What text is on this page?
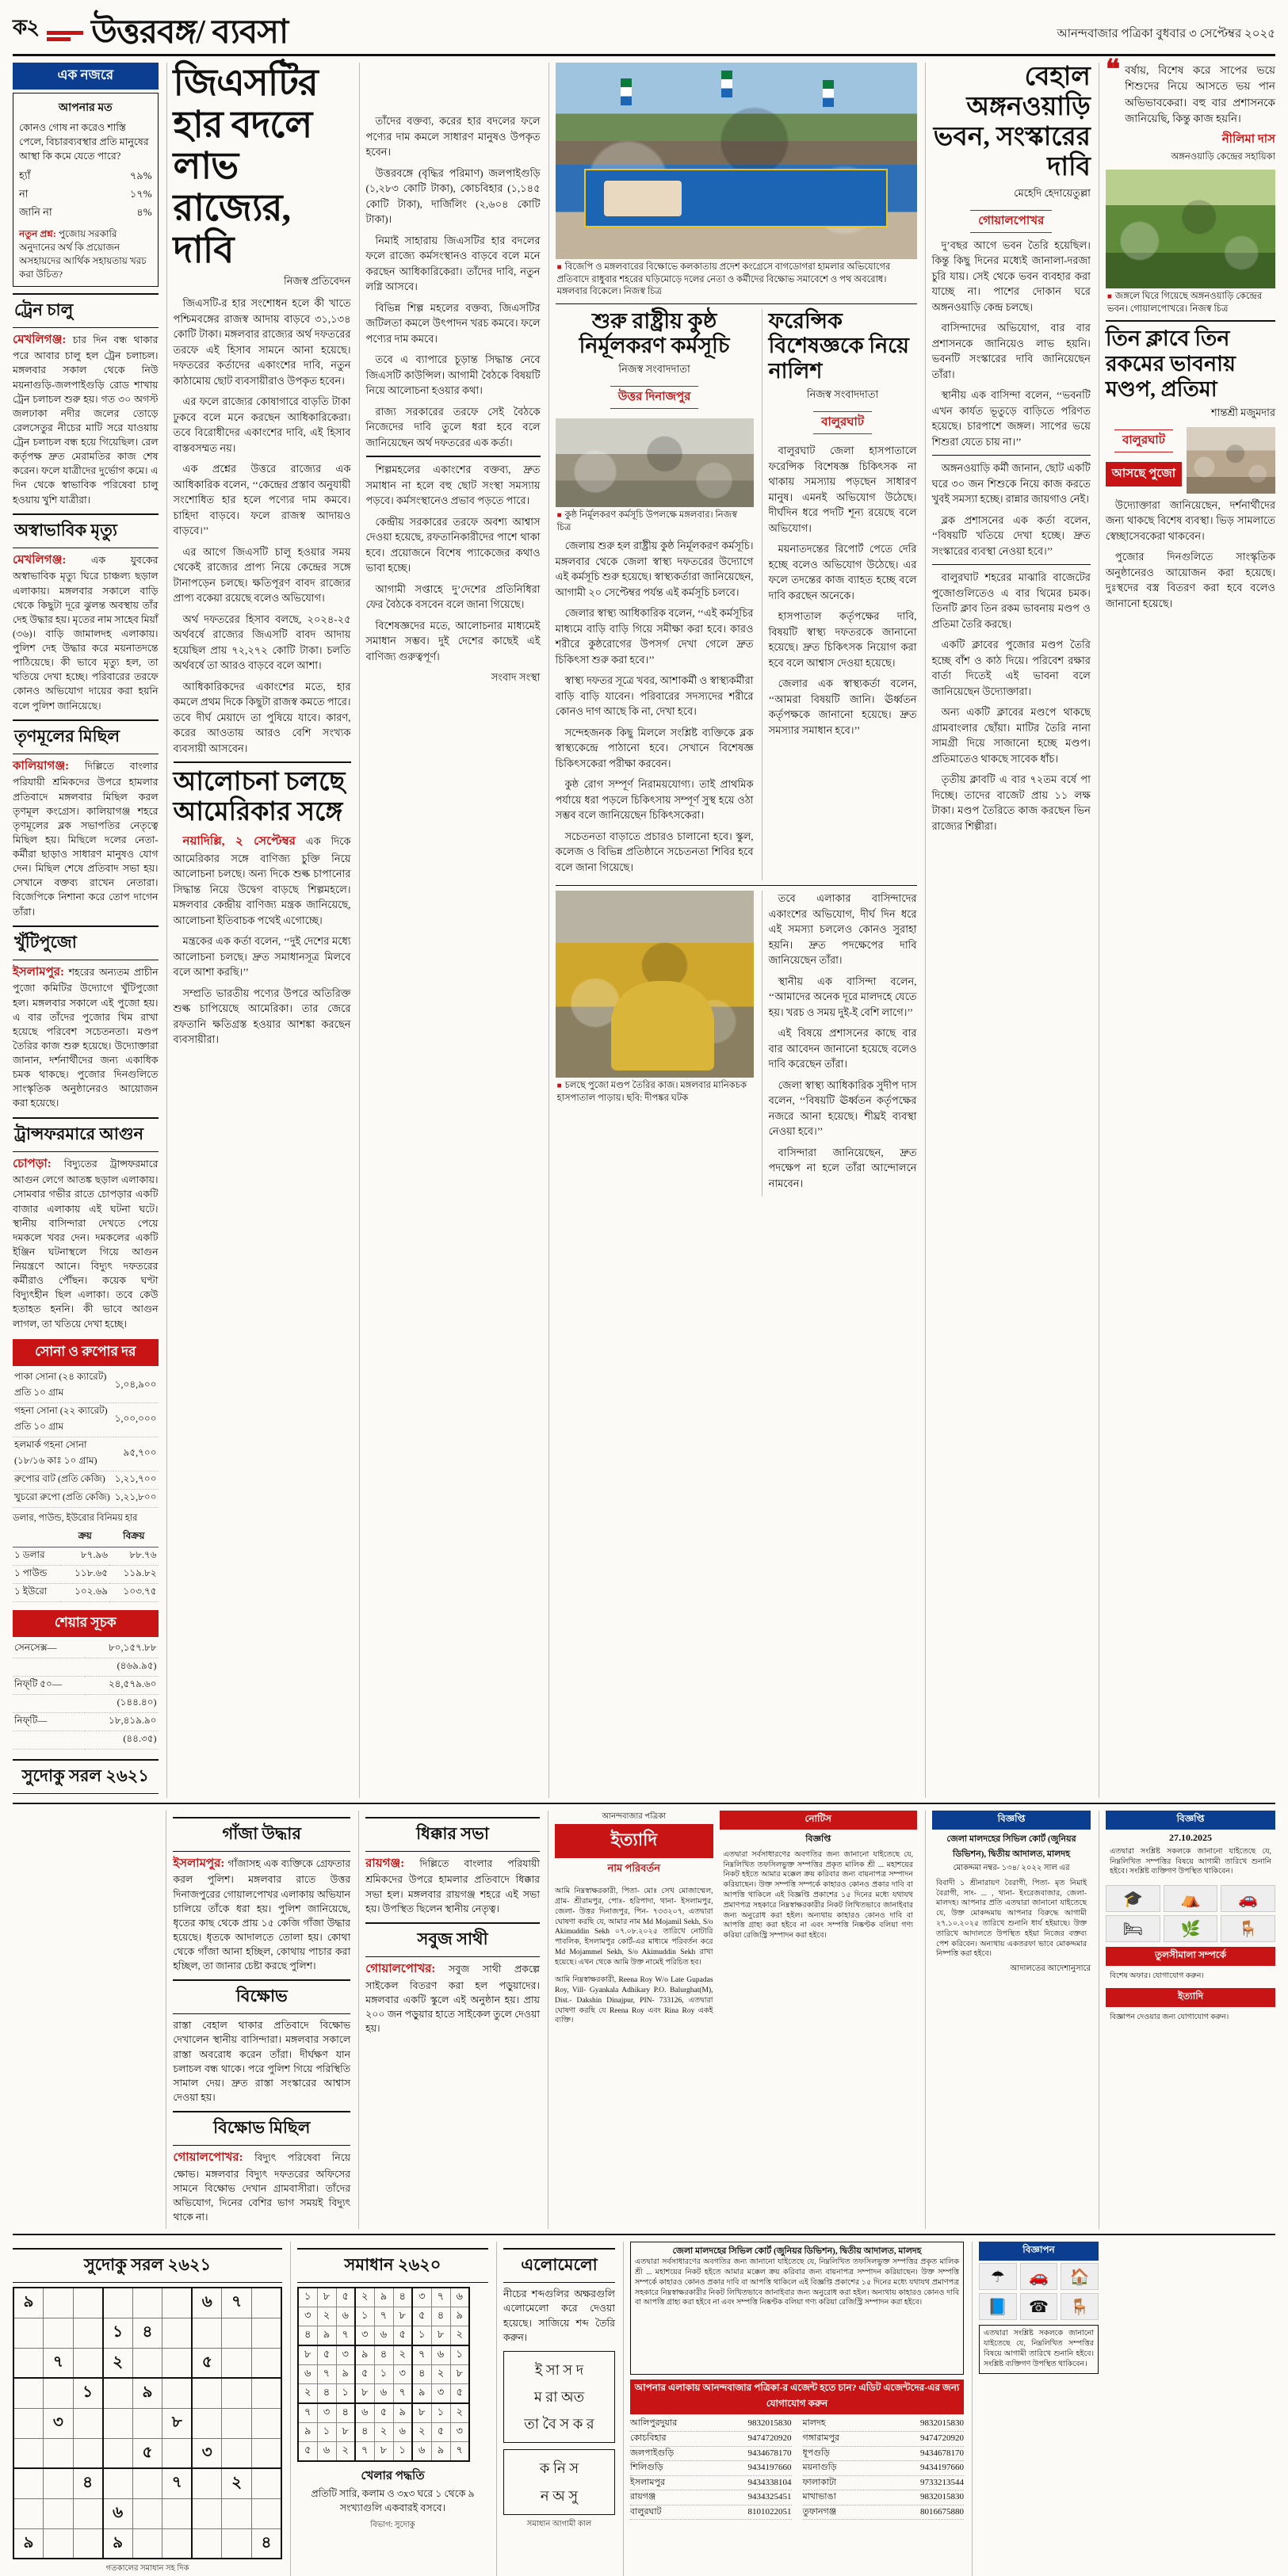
ক২ উত্তরবঙ্গ/ ব্যবসা	আনন্দবাজার পত্রিকা বুধবার ৩ সেপ্টেম্বর ২০২৫
এক নজরে
আপনার মত
কোনও গোষ না করেও শাস্তি পেলে, বিচারব্যবস্থার প্রতি মানুষের আস্থা কি কমে যেতে পারে?
হ্যাঁ	৭৯%
না	১৭%
জানি না	৪%
নতুন প্রশ্ন: পুজোয় সরকারি অনুদানের অর্থ কি প্রয়োজন অসহায়দের আর্থিক সহায়তায় খরচ করা উচিত?
ট্রেন চালু

মেখলিগঞ্জ: চার দিন বন্ধ থাকার পরে আবার চালু হল ট্রেন চলাচল। মঙ্গলবার সকাল থেকে নিউ ময়নাগুড়ি-জলপাইগুড়ি রোড শাখায় ট্রেন চলাচল শুরু হয়। গত ৩০ অগস্ট জলঢাকা নদীর জলের তোড়ে রেলসেতুর নীচের মাটি সরে যাওয়ায় ট্রেন চলাচল বন্ধ হয়ে গিয়েছিল। রেল কর্তৃপক্ষ দ্রুত মেরামতির কাজ শেষ করেন। ফলে যাত্রীদের দুর্ভোগ কমে। এ দিন থেকে স্বাভাবিক পরিষেবা চালু হওয়ায় খুশি যাত্রীরা।

অস্বাভাবিক মৃত্যু

মেখলিগঞ্জ:	এক যুবকের অস্বাভাবিক মৃত্যু ঘিরে চাঞ্চল্য ছড়াল এলাকায়। মঙ্গলবার সকালে বাড়ি থেকে কিছুটা দূরে ঝুলন্ত অবস্থায় তাঁর দেহ উদ্ধার হয়। মৃতের নাম সাহেব মিয়াঁ (৩৬)। বাড়ি জামালদহ এলাকায়। পুলিশ দেহ উদ্ধার করে ময়নাতদন্তে পাঠিয়েছে। কী ভাবে মৃত্যু হল, তা খতিয়ে দেখা হচ্ছে। পরিবারের তরফে কোনও অভিযোগ দায়ের করা হয়নি বলে পুলিশ জানিয়েছে।

তৃণমূলের মিছিল

কালিয়াগঞ্জ: দিল্লিতে বাংলার পরিযায়ী শ্রমিকদের উপরে হামলার প্রতিবাদে মঙ্গলবার মিছিল করল তৃণমূল কংগ্রেস। কালিয়াগঞ্জ শহরে তৃণমূলের ব্লক সভাপতির নেতৃত্বে মিছিল হয়। মিছিলে দলের নেতা-কর্মীরা ছাড়াও সাধারণ মানুষও যোগ দেন। মিছিল শেষে প্রতিবাদ সভা হয়। সেখানে বক্তব্য রাখেন নেতারা। বিজেপিকে নিশানা করে তোপ দাগেন তাঁরা।

খুঁটিপুজো

ইসলামপুর: শহরের অন্যতম প্রাচীন পুজো কমিটির উদ্যোগে খুঁটিপুজো হল। মঙ্গলবার সকালে এই পুজো হয়। এ বার তাঁদের পুজোর থিম রাখা হয়েছে পরিবেশ সচেতনতা। মণ্ডপ তৈরির কাজ শুরু হয়েছে। উদ্যোক্তারা জানান, দর্শনার্থীদের জন্য একাধিক চমক থাকছে। পুজোর দিনগুলিতে সাংস্কৃতিক অনুষ্ঠানেরও আয়োজন করা হয়েছে।

ট্রান্সফরমারে আগুন

চোপড়া: বিদ্যুতের ট্রান্সফরমারে আগুন লেগে আতঙ্ক ছড়াল এলাকায়। সোমবার গভীর রাতে চোপড়ার একটি বাজার এলাকায় এই ঘটনা ঘটে। স্থানীয় বাসিন্দারা দেখতে পেয়ে দমকলে খবর দেন। দমকলের একটি ইঞ্জিন ঘটনাস্থলে গিয়ে আগুন নিয়ন্ত্রণে আনে। বিদ্যুৎ দফতরের কর্মীরাও পৌঁছন। কয়েক ঘণ্টা বিদ্যুৎহীন ছিল এলাকা। তবে কেউ হতাহত হননি। কী ভাবে আগুন লাগল, তা খতিয়ে দেখা হচ্ছে।

সোনা ও রুপোর দর
পাকা সোনা (২৪ ক্যারেট) প্রতি ১০ গ্রাম	১,০৪,৯০০
গহনা সোনা (২২ ক্যারেট) প্রতি ১০ গ্রাম	১,০০,০০০
হলমার্ক গহনা সোনা (১৮/১৬ কাঃ ১০ গ্রাম)	৯৫,৭০০
রুপোর বাট (প্রতি কেজি)	১,২১,৭০০
খুচরো রুপো (প্রতি কেজি)	১,২১,৮০০
ডলার, পাউন্ড, ইউরোর বিনিময় হার
	ক্রয়	বিক্রয়
১ ডলার	৮৭.৯৬	৮৮.৭৬
১ পাউন্ড	১১৮.৬৫	১১৯.৮২
১ ইউরো	১০২.৬৯	১০৩.৭৫
শেয়ার সূচক
সেনসেক্স—	৮০,১৫৭.৮৮
	(৪৬৯.৯৫)
নিফ্‌টি ৫০—	২৪,৫৭৯.৬০
	(১৪৪.৪০)
নিফ্‌টি—	১৮,৪১৯.৯০
	(৪৪.৩৫)
সুদোকু সরল ২৬২১
জিএসটির হার বদলে লাভ রাজ্যের, দাবি
নিজস্ব প্রতিবেদন

জিএসটি-র হার সংশোধন হলে কী খাতে পশ্চিমবঙ্গের রাজস্ব আদায় বাড়বে ৩১,১৩৪ কোটি টাকা। মঙ্গলবার রাজ্যের অর্থ দফতরের তরফে এই হিসাব সামনে আনা হয়েছে। দফতরের কর্তাদের একাংশের দাবি, নতুন কাঠামোয় ছোট ব্যবসায়ীরাও উপকৃত হবেন।

এর ফলে রাজ্যের কোষাগারে বাড়তি টাকা ঢুকবে বলে মনে করছেন আধিকারিকেরা। তবে বিরোধীদের একাংশের দাবি, এই হিসাব বাস্তবসম্মত নয়।

এক প্রশ্নের উত্তরে রাজ্যের এক আধিকারিক বলেন, ‘‘কেন্দ্রের প্রস্তাব অনুযায়ী সংশোধিত হার হলে পণ্যের দাম কমবে। চাহিদা বাড়বে। ফলে রাজস্ব আদায়ও বাড়বে।’’

এর আগে জিএসটি চালু হওয়ার সময় থেকেই রাজ্যের প্রাপ্য নিয়ে কেন্দ্রের সঙ্গে টানাপড়েন চলছে। ক্ষতিপূরণ বাবদ রাজ্যের প্রাপ্য বকেয়া রয়েছে বলেও অভিযোগ।

অর্থ দফতরের হিসাব বলছে, ২০২৪-২৫ অর্থবর্ষে রাজ্যের জিএসটি বাবদ আদায় হয়েছিল প্রায় ৭২,২৭২ কোটি টাকা। চলতি অর্থবর্ষে তা আরও বাড়বে বলে আশা।

আধিকারিকদের একাংশের মতে, হার কমলে প্রথম দিকে কিছুটা রাজস্ব কমতে পারে। তবে দীর্ঘ মেয়াদে তা পুষিয়ে যাবে। কারণ, করের আওতায় আরও বেশি সংখ্যক ব্যবসায়ী আসবেন।

আলোচনা চলছে আমেরিকার সঙ্গে

নয়াদিল্লি, ২ সেপ্টেম্বর এক দিকে আমেরিকার সঙ্গে বাণিজ্য চুক্তি নিয়ে আলোচনা চলছে। অন্য দিকে শুল্ক চাপানোর সিদ্ধান্ত নিয়ে উদ্বেগ বাড়ছে শিল্পমহলে। মঙ্গলবার কেন্দ্রীয় বাণিজ্য মন্ত্রক জানিয়েছে, আলোচনা ইতিবাচক পথেই এগোচ্ছে।

মন্ত্রকের এক কর্তা বলেন, ‘‘দুই দেশের মধ্যে আলোচনা চলছে। দ্রুত সমাধানসূত্র মিলবে বলে আশা করছি।’’

সম্প্রতি ভারতীয় পণ্যের উপরে অতিরিক্ত শুল্ক চাপিয়েছে আমেরিকা। তার জেরে রফতানি ক্ষতিগ্রস্ত হওয়ার আশঙ্কা করছেন ব্যবসায়ীরা।

তাঁদের বক্তব্য, করের হার বদলের ফলে পণ্যের দাম কমলে সাধারণ মানুষও উপকৃত হবেন।

উত্তরবঙ্গে (বৃদ্ধির পরিমাণ) জলপাইগুড়ি (১,২৮৩ কোটি টাকা), কোচবিহার (১,১৪৫ কোটি টাকা), দার্জিলিং (২,৬০৪ কোটি টাকা)।

নিমাই সাহারায় জিএসটির হার বদলের ফলে রাজ্যে কর্মসংস্থানও বাড়বে বলে মনে করছেন আধিকারিকেরা। তাঁদের দাবি, নতুন লগ্নি আসবে।

বিভিন্ন শিল্প মহলের বক্তব্য, জিএসটির জটিলতা কমলে উৎপাদন খরচ কমবে। ফলে পণ্যের দাম কমবে।

তবে এ ব্যাপারে চূড়ান্ত সিদ্ধান্ত নেবে জিএসটি কাউন্সিল। আগামী বৈঠকে বিষয়টি নিয়ে আলোচনা হওয়ার কথা।

রাজ্য সরকারের তরফে সেই বৈঠকে নিজেদের দাবি তুলে ধরা হবে বলে জানিয়েছেন অর্থ দফতরের এক কর্তা।

শিল্পমহলের একাংশের বক্তব্য, দ্রুত সমাধান না হলে বহু ছোট সংস্থা সমস্যায় পড়বে। কর্মসংস্থানেও প্রভাব পড়তে পারে।

কেন্দ্রীয় সরকারের তরফে অবশ্য আশ্বাস দেওয়া হয়েছে, রফতানিকারীদের পাশে থাকা হবে। প্রয়োজনে বিশেষ প্যাকেজের কথাও ভাবা হচ্ছে।

আগামী সপ্তাহে দু’দেশের প্রতিনিধিরা ফের বৈঠকে বসবেন বলে জানা গিয়েছে।

বিশেষজ্ঞদের মতে, আলোচনার মাধ্যমেই সমাধান সম্ভব। দুই দেশের কাছেই এই বাণিজ্য গুরুত্বপূর্ণ।

সংবাদ সংস্থা

■ বিজেপি ও মঙ্গলবারের বিক্ষোভে কলকাতায় প্রদেশ কংগ্রেসে বাগডোগরা হামলার অভিযোগের প্রতিবাদে রাধুবার শহরের ঘড়িমোড়ে দলের নেতা ও কর্মীদের বিক্ষোভ সমাবেশে ও পথ অবরোধ। মঙ্গলবার বিকেলে। নিজস্ব চিত্র
শুরু রাষ্ট্রীয় কুষ্ঠ নির্মূলকরণ কর্মসূচি
নিজস্ব সংবাদদাতা
উত্তর দিনাজপুর
■ কুষ্ঠ নির্মূলকরণ কর্মসূচি উপলক্ষে মঙ্গলবার। নিজস্ব চিত্র

জেলায় শুরু হল রাষ্ট্রীয় কুষ্ঠ নির্মূলকরণ কর্মসূচি। মঙ্গলবার থেকে জেলা স্বাস্থ্য দফতরের উদ্যোগে এই কর্মসূচি শুরু হয়েছে। স্বাস্থ্যকর্তারা জানিয়েছেন, আগামী ২০ সেপ্টেম্বর পর্যন্ত এই কর্মসূচি চলবে।

জেলার স্বাস্থ্য আধিকারিক বলেন, ‘‘এই কর্মসূচির মাধ্যমে বাড়ি বাড়ি গিয়ে সমীক্ষা করা হবে। কারও শরীরে কুষ্ঠরোগের উপসর্গ দেখা গেলে দ্রুত চিকিৎসা শুরু করা হবে।’’

স্বাস্থ্য দফতর সূত্রে খবর, আশাকর্মী ও স্বাস্থ্যকর্মীরা বাড়ি বাড়ি যাবেন। পরিবারের সদস্যদের শরীরে কোনও দাগ আছে কি না, দেখা হবে।

সন্দেহজনক কিছু মিললে সংশ্লিষ্ট ব্যক্তিকে ব্লক স্বাস্থ্যকেন্দ্রে পাঠানো হবে। সেখানে বিশেষজ্ঞ চিকিৎসকেরা পরীক্ষা করবেন।

কুষ্ঠ রোগ সম্পূর্ণ নিরাময়যোগ্য। তাই প্রাথমিক পর্যায়ে ধরা পড়লে চিকিৎসায় সম্পূর্ণ সুস্থ হয়ে ওঠা সম্ভব বলে জানিয়েছেন চিকিৎসকেরা।

সচেতনতা বাড়াতে প্রচারও চালানো হবে। স্কুল, কলেজ ও বিভিন্ন প্রতিষ্ঠানে সচেতনতা শিবির হবে বলে জানা গিয়েছে।

ফরেন্সিক বিশেষজ্ঞকে নিয়ে নালিশ
নিজস্ব সংবাদদাতা
বালুরঘাট

বালুরঘাট জেলা হাসপাতালে ফরেন্সিক বিশেষজ্ঞ চিকিৎসক না থাকায় সমস্যায় পড়ছেন সাধারণ মানুষ। এমনই অভিযোগ উঠেছে। দীর্ঘদিন ধরে পদটি শূন্য রয়েছে বলে অভিযোগ।

ময়নাতদন্তের রিপোর্ট পেতে দেরি হচ্ছে বলেও অভিযোগ উঠেছে। এর ফলে তদন্তের কাজ ব্যাহত হচ্ছে বলে দাবি করছেন অনেকে।

হাসপাতাল কর্তৃপক্ষের দাবি, বিষয়টি স্বাস্থ্য দফতরকে জানানো হয়েছে। দ্রুত চিকিৎসক নিয়োগ করা হবে বলে আশ্বাস দেওয়া হয়েছে।

জেলার এক স্বাস্থ্যকর্তা বলেন, ‘‘আমরা বিষয়টি জানি। ঊর্ধ্বতন কর্তৃপক্ষকে জানানো হয়েছে। দ্রুত সমস্যার সমাধান হবে।’’

■ চলছে পুজো মণ্ডপ তৈরির কাজ। মঙ্গলবার মানিকচক হাসপাতাল পাড়ায়। ছবি: দীপঙ্কর ঘটক

তবে এলাকার বাসিন্দাদের একাংশের অভিযোগ, দীর্ঘ দিন ধরে এই সমস্যা চললেও কোনও সুরাহা হয়নি। দ্রুত পদক্ষেপের দাবি জানিয়েছেন তাঁরা।

স্থানীয় এক বাসিন্দা বলেন, ‘‘আমাদের অনেক দূরে মালদহে যেতে হয়। খরচ ও সময় দুই-ই বেশি লাগে।’’

এই বিষয়ে প্রশাসনের কাছে বার বার আবেদন জানানো হয়েছে বলেও দাবি করেছেন তাঁরা।

জেলা স্বাস্থ্য আধিকারিক সুদীপ দাস বলেন, ‘‘বিষয়টি ঊর্ধ্বতন কর্তৃপক্ষের নজরে আনা হয়েছে। শীঘ্রই ব্যবস্থা নেওয়া হবে।’’

বাসিন্দারা জানিয়েছেন, দ্রুত পদক্ষেপ না হলে তাঁরা আন্দোলনে নামবেন।

বেহাল অঙ্গনওয়াড়ি ভবন, সংস্কারের দাবি
মেহেদি হেদায়েতুল্লা
গোয়ালপোখর

দু’বছর আগে ভবন তৈরি হয়েছিল। কিন্তু কিছু দিনের মধ্যেই জানালা-দরজা চুরি যায়। সেই থেকে ভবন ব্যবহার করা যাচ্ছে না। পাশের দোকান ঘরে অঙ্গনওয়াড়ি কেন্দ্র চলছে।

বাসিন্দাদের অভিযোগ, বার বার প্রশাসনকে জানিয়েও লাভ হয়নি। ভবনটি সংস্কারের দাবি জানিয়েছেন তাঁরা।

স্থানীয় এক বাসিন্দা বলেন, ‘‘ভবনটি এখন কার্যত ভূতুড়ে বাড়িতে পরিণত হয়েছে। চারপাশে জঙ্গল। সাপের ভয়ে শিশুরা যেতে চায় না।’’

অঙ্গনওয়াড়ি কর্মী জানান, ছোট একটি ঘরে ৩০ জন শিশুকে নিয়ে কাজ করতে খুবই সমস্যা হচ্ছে। রান্নার জায়গাও নেই।

ব্লক প্রশাসনের এক কর্তা বলেন, ‘‘বিষয়টি খতিয়ে দেখা হচ্ছে। দ্রুত সংস্কারের ব্যবস্থা নেওয়া হবে।’’

বালুরঘাট শহরের মাঝারি বাজেটের পুজোগুলিতেও এ বার থিমের চমক। তিনটি ক্লাব তিন রকম ভাবনায় মণ্ডপ ও প্রতিমা তৈরি করছে।

একটি ক্লাবের পুজোর মণ্ডপ তৈরি হচ্ছে বাঁশ ও কাঠ দিয়ে। পরিবেশ রক্ষার বার্তা দিতেই এই ভাবনা বলে জানিয়েছেন উদ্যোক্তারা।

অন্য একটি ক্লাবের মণ্ডপে থাকছে গ্রামবাংলার ছোঁয়া। মাটির তৈরি নানা সামগ্রী দিয়ে সাজানো হচ্ছে মণ্ডপ। প্রতিমাতেও থাকছে সাবেক ধাঁচ।

তৃতীয় ক্লাবটি এ বার ৭২তম বর্ষে পা দিচ্ছে। তাদের বাজেট প্রায় ১১ লক্ষ টাকা। মণ্ডপ তৈরিতে কাজ করছেন ভিন রাজ্যের শিল্পীরা।

❝ বর্ষায়, বিশেষ করে সাপের ভয়ে শিশুদের নিয়ে আসতে ভয় পান অভিভাবকেরা। বহু বার প্রশাসনকে জানিয়েছি, কিন্তু কাজ হয়নি।
নীলিমা দাস
অঙ্গনওয়াড়ি কেন্দ্রের সহায়িকা
■ জঙ্গলে ঘিরে গিয়েছে অঙ্গনওয়াড়ি কেন্দ্রের ভবন। গোয়ালপোখরে। নিজস্ব চিত্র
তিন ক্লাবে তিন রকমের ভাবনায় মণ্ডপ, প্রতিমা
শান্তশ্রী মজুমদার
বালুরঘাট
আসছে পুজো

উদ্যোক্তারা জানিয়েছেন, দর্শনার্থীদের জন্য থাকছে বিশেষ ব্যবস্থা। ভিড় সামলাতে স্বেচ্ছাসেবকেরা থাকবেন।

পুজোর দিনগুলিতে সাংস্কৃতিক অনুষ্ঠানেরও আয়োজন করা হয়েছে। দুঃস্থদের বস্ত্র বিতরণ করা হবে বলেও জানানো হয়েছে।

গাঁজা উদ্ধার

ইসলামপুর: গাঁজাসহ এক ব্যক্তিকে গ্রেফতার করল পুলিশ। মঙ্গলবার রাতে উত্তর দিনাজপুরের গোয়ালপোখর এলাকায় অভিযান চালিয়ে তাঁকে ধরা হয়। পুলিশ জানিয়েছে, ধৃতের কাছ থেকে প্রায় ১৫ কেজি গাঁজা উদ্ধার হয়েছে। ধৃতকে আদালতে তোলা হয়। কোথা থেকে গাঁজা আনা হচ্ছিল, কোথায় পাচার করা হচ্ছিল, তা জানার চেষ্টা করছে পুলিশ।

বিক্ষোভ

রাস্তা বেহাল থাকার প্রতিবাদে বিক্ষোভ দেখালেন স্থানীয় বাসিন্দারা। মঙ্গলবার সকালে রাস্তা অবরোধ করেন তাঁরা। দীর্ঘক্ষণ যান চলাচল বন্ধ থাকে। পরে পুলিশ গিয়ে পরিস্থিতি সামাল দেয়। দ্রুত রাস্তা সংস্কারের আশ্বাস দেওয়া হয়।

বিক্ষোভ মিছিল

গোয়ালপোখর: বিদ্যুৎ পরিষেবা নিয়ে ক্ষোভ। মঙ্গলবার বিদ্যুৎ দফতরের অফিসের সামনে বিক্ষোভ দেখান গ্রামবাসীরা। তাঁদের অভিযোগ, দিনের বেশির ভাগ সময়ই বিদ্যুৎ থাকে না।

ধিক্কার সভা

রায়গঞ্জ: দিল্লিতে বাংলার পরিযায়ী শ্রমিকদের উপরে হামলার প্রতিবাদে ধিক্কার সভা হল। মঙ্গলবার রায়গঞ্জ শহরে এই সভা হয়। উপস্থিত ছিলেন স্থানীয় নেতৃত্ব।

সবুজ সাথী

গোয়ালপোখর: সবুজ সাথী প্রকল্পে সাইকেল বিতরণ করা হল পড়ুয়াদের। মঙ্গলবার একটি স্কুলে এই অনুষ্ঠান হয়। প্রায় ২০০ জন পড়ুয়ার হাতে সাইকেল তুলে দেওয়া হয়।

আনন্দবাজার পত্রিকা
ইত্যাদি
নাম পরিবর্তন

আমি নিম্নস্বাক্ষরকারী, পিতা- মোঃ সেখ মোজাম্মেল, গ্রাম- শ্রীরামপুর, পোঃ- হরিপাদা, থানা- ইসলামপুর, জেলা- উত্তর দিনাজপুর, পিন- ৭৩৩২০৭, এতদ্বারা ঘোষণা করছি যে, আমার নাম Md Mojamil Sekh, S/o Akimuddin Sekh ০৭.০৮.২০২৫ তারিখে নোটারি পাবলিক, ইসলামপুর কোর্ট-এর মাধ্যমে পরিবর্তন করে Md Mojammel Sekh, S/o Akimuddin Sekh রাখা হয়েছে। এখন থেকে আমি উক্ত নামেই পরিচিত হব।

আমি নিম্নস্বাক্ষরকারী, Reena Roy W/o Late Gupadas Roy, Vill- Gyankala Adhikary P.O. Balurghat(M), Dist.- Dakshin Dinajpur, PIN- 733126, এতদ্বারা ঘোষণা করছি যে Reena Roy এবং Rina Roy একই ব্যক্তি।

নোটিস
বিজ্ঞপ্তি
এতদ্বারা সর্বসাধারণের অবগতির জন্য জানানো যাইতেছে যে, নিম্নলিখিত তফসিলভুক্ত সম্পত্তির প্রকৃত মালিক শ্রী ... মহাশয়ের নিকট হইতে আমার মক্কেল ক্রয় করিবার জন্য বায়নাপত্র সম্পাদন করিয়াছেন। উক্ত সম্পত্তি সম্পর্কে কাহারও কোনও প্রকার দাবি বা আপত্তি থাকিলে এই বিজ্ঞপ্তি প্রকাশের ১৫ দিনের মধ্যে যথাযথ প্রমাণপত্র সহকারে নিম্নস্বাক্ষরকারীর নিকট লিখিতভাবে জানাইবার জন্য অনুরোধ করা হইল। অন্যথায় কাহারও কোনও দাবি বা আপত্তি গ্রাহ্য করা হইবে না এবং সম্পত্তি নিষ্কণ্টক বলিয়া গণ্য করিয়া রেজিস্ট্রি সম্পাদন করা হইবে।
বিজ্ঞপ্তি
জেলা মালদহের সিভিল কোর্ট (জুনিয়র ডিভিশন), দ্বিতীয় আদালত, মালদহ
মোকদ্দমা নম্বর- ১৩৪/ ২০২২ সাল এর
বিবাদী ১ শ্রীনারায়ণ বৈরাগী, পিতা- মৃত নিমাই বৈরাগী, সাং- ... , থানা- ইংরেজবাজার, জেলা- মালদহ। আপনার প্রতি এতদ্বারা জানানো যাইতেছে যে, উক্ত মোকদ্দমায় আপনার বিরুদ্ধে আগামী ২৭.১০.২০২৫ তারিখে শুনানি ধার্য হইয়াছে। উক্ত তারিখে আদালতে উপস্থিত হইয়া নিজের বক্তব্য পেশ করিবেন। অন্যথায় একতরফা ভাবে মোকদ্দমার নিষ্পত্তি করা হইবে।
আদালতের আদেশানুসারে
বিজ্ঞপ্তি
27.10.2025
এতদ্বারা সংশ্লিষ্ট সকলকে জানানো যাইতেছে যে, নিম্নলিখিত সম্পত্তির বিষয়ে আগামী তারিখে শুনানি হইবে। সংশ্লিষ্ট ব্যক্তিগণ উপস্থিত থাকিবেন।
🎓	⛺	🚗
🛏	🌿	🪑
তুলসীমালা সম্পর্কে
বিশেষ অফার। যোগাযোগ করুন।
ইত্যাদি
বিজ্ঞাপন দেওয়ার জন্য যোগাযোগ করুন।
সুদোকু সরল ২৬২১
৯						৬	৭	
			১	৪				
	৭		২			৫		
		১		৯				
	৩				৮			
				৫		৩		
		৪			৭		২	
			৬					
৯			৯					৪
গতকালের সমাধান সহ দিক
সমাধান ২৬২০
১	৮	৫	২	৯	৪	৩	৭	৬
৩	২	৬	১	৭	৮	৫	৪	৯
৪	৯	৭	৩	৬	৫	১	৮	২
৮	৫	৩	৯	৪	২	৭	৬	১
৬	৭	৯	৫	১	৩	৪	২	৮
২	৪	১	৮	৬	৭	৯	৩	৫
৭	৩	৪	৬	৫	৯	৮	১	২
৯	১	৮	৪	২	৬	২	৫	৩
৫	৬	২	৭	৮	১	৬	৯	৭
খেলার পদ্ধতি
প্রতিটি সারি, কলাম ও ৩x৩ ঘরে ১ থেকে ৯ সংখ্যাগুলি একবারই বসবে।
বিভাগ: সুদোকু
এলোমেলো
নীচের শব্দগুলির অক্ষরগুলি এলোমেলো করে দেওয়া হয়েছে। সাজিয়ে শব্দ তৈরি করুন।
ই সা স দ
ম রা অত
তা বৈ স ক র
ক নি স
ন অ সু
সমাধান আগামী কাল
জেলা মালদহের সিভিল কোর্ট (জুনিয়র ডিভিশন), দ্বিতীয় আদালত, মালদহ
এতদ্বারা সর্বসাধারণের অবগতির জন্য জানানো যাইতেছে যে, নিম্নলিখিত তফসিলভুক্ত সম্পত্তির প্রকৃত মালিক শ্রী ... মহাশয়ের নিকট হইতে আমার মক্কেল ক্রয় করিবার জন্য বায়নাপত্র সম্পাদন করিয়াছেন। উক্ত সম্পত্তি সম্পর্কে কাহারও কোনও প্রকার দাবি বা আপত্তি থাকিলে এই বিজ্ঞপ্তি প্রকাশের ১৫ দিনের মধ্যে যথাযথ প্রমাণপত্র সহকারে নিম্নস্বাক্ষরকারীর নিকট লিখিতভাবে জানাইবার জন্য অনুরোধ করা হইল। অন্যথায় কাহারও কোনও দাবি বা আপত্তি গ্রাহ্য করা হইবে না এবং সম্পত্তি নিষ্কণ্টক বলিয়া গণ্য করিয়া রেজিস্ট্রি সম্পাদন করা হইবে।
আপনার এলাকায় আনন্দবাজার পত্রিকা-র এজেন্ট হতে চান? এডিট এজেন্টদের-এর জন্য যোগাযোগ করুন
আলিপুরদুয়ার	9832015830
কোচবিহার	9474720920
জলপাইগুড়ি	9434678170
শিলিগুড়ি	9434197660
ইসলামপুর	9434338104
রায়গঞ্জ	9434325451
বালুরঘাট	8101022051
মালদহ	9832015830
গঙ্গারামপুর	9474720920
ধূপগুড়ি	9434678170
ময়নাগুড়ি	9434197660
ফালাকাটা	9733213544
মাথাভাঙা	9832015830
তুফানগঞ্জ	8016675880
বিজ্ঞাপন
☂	🚗	🏠
📘	☎	🪑
এতদ্বারা সংশ্লিষ্ট সকলকে জানানো যাইতেছে যে, নিম্নলিখিত সম্পত্তির বিষয়ে আগামী তারিখে শুনানি হইবে। সংশ্লিষ্ট ব্যক্তিগণ উপস্থিত থাকিবেন।
